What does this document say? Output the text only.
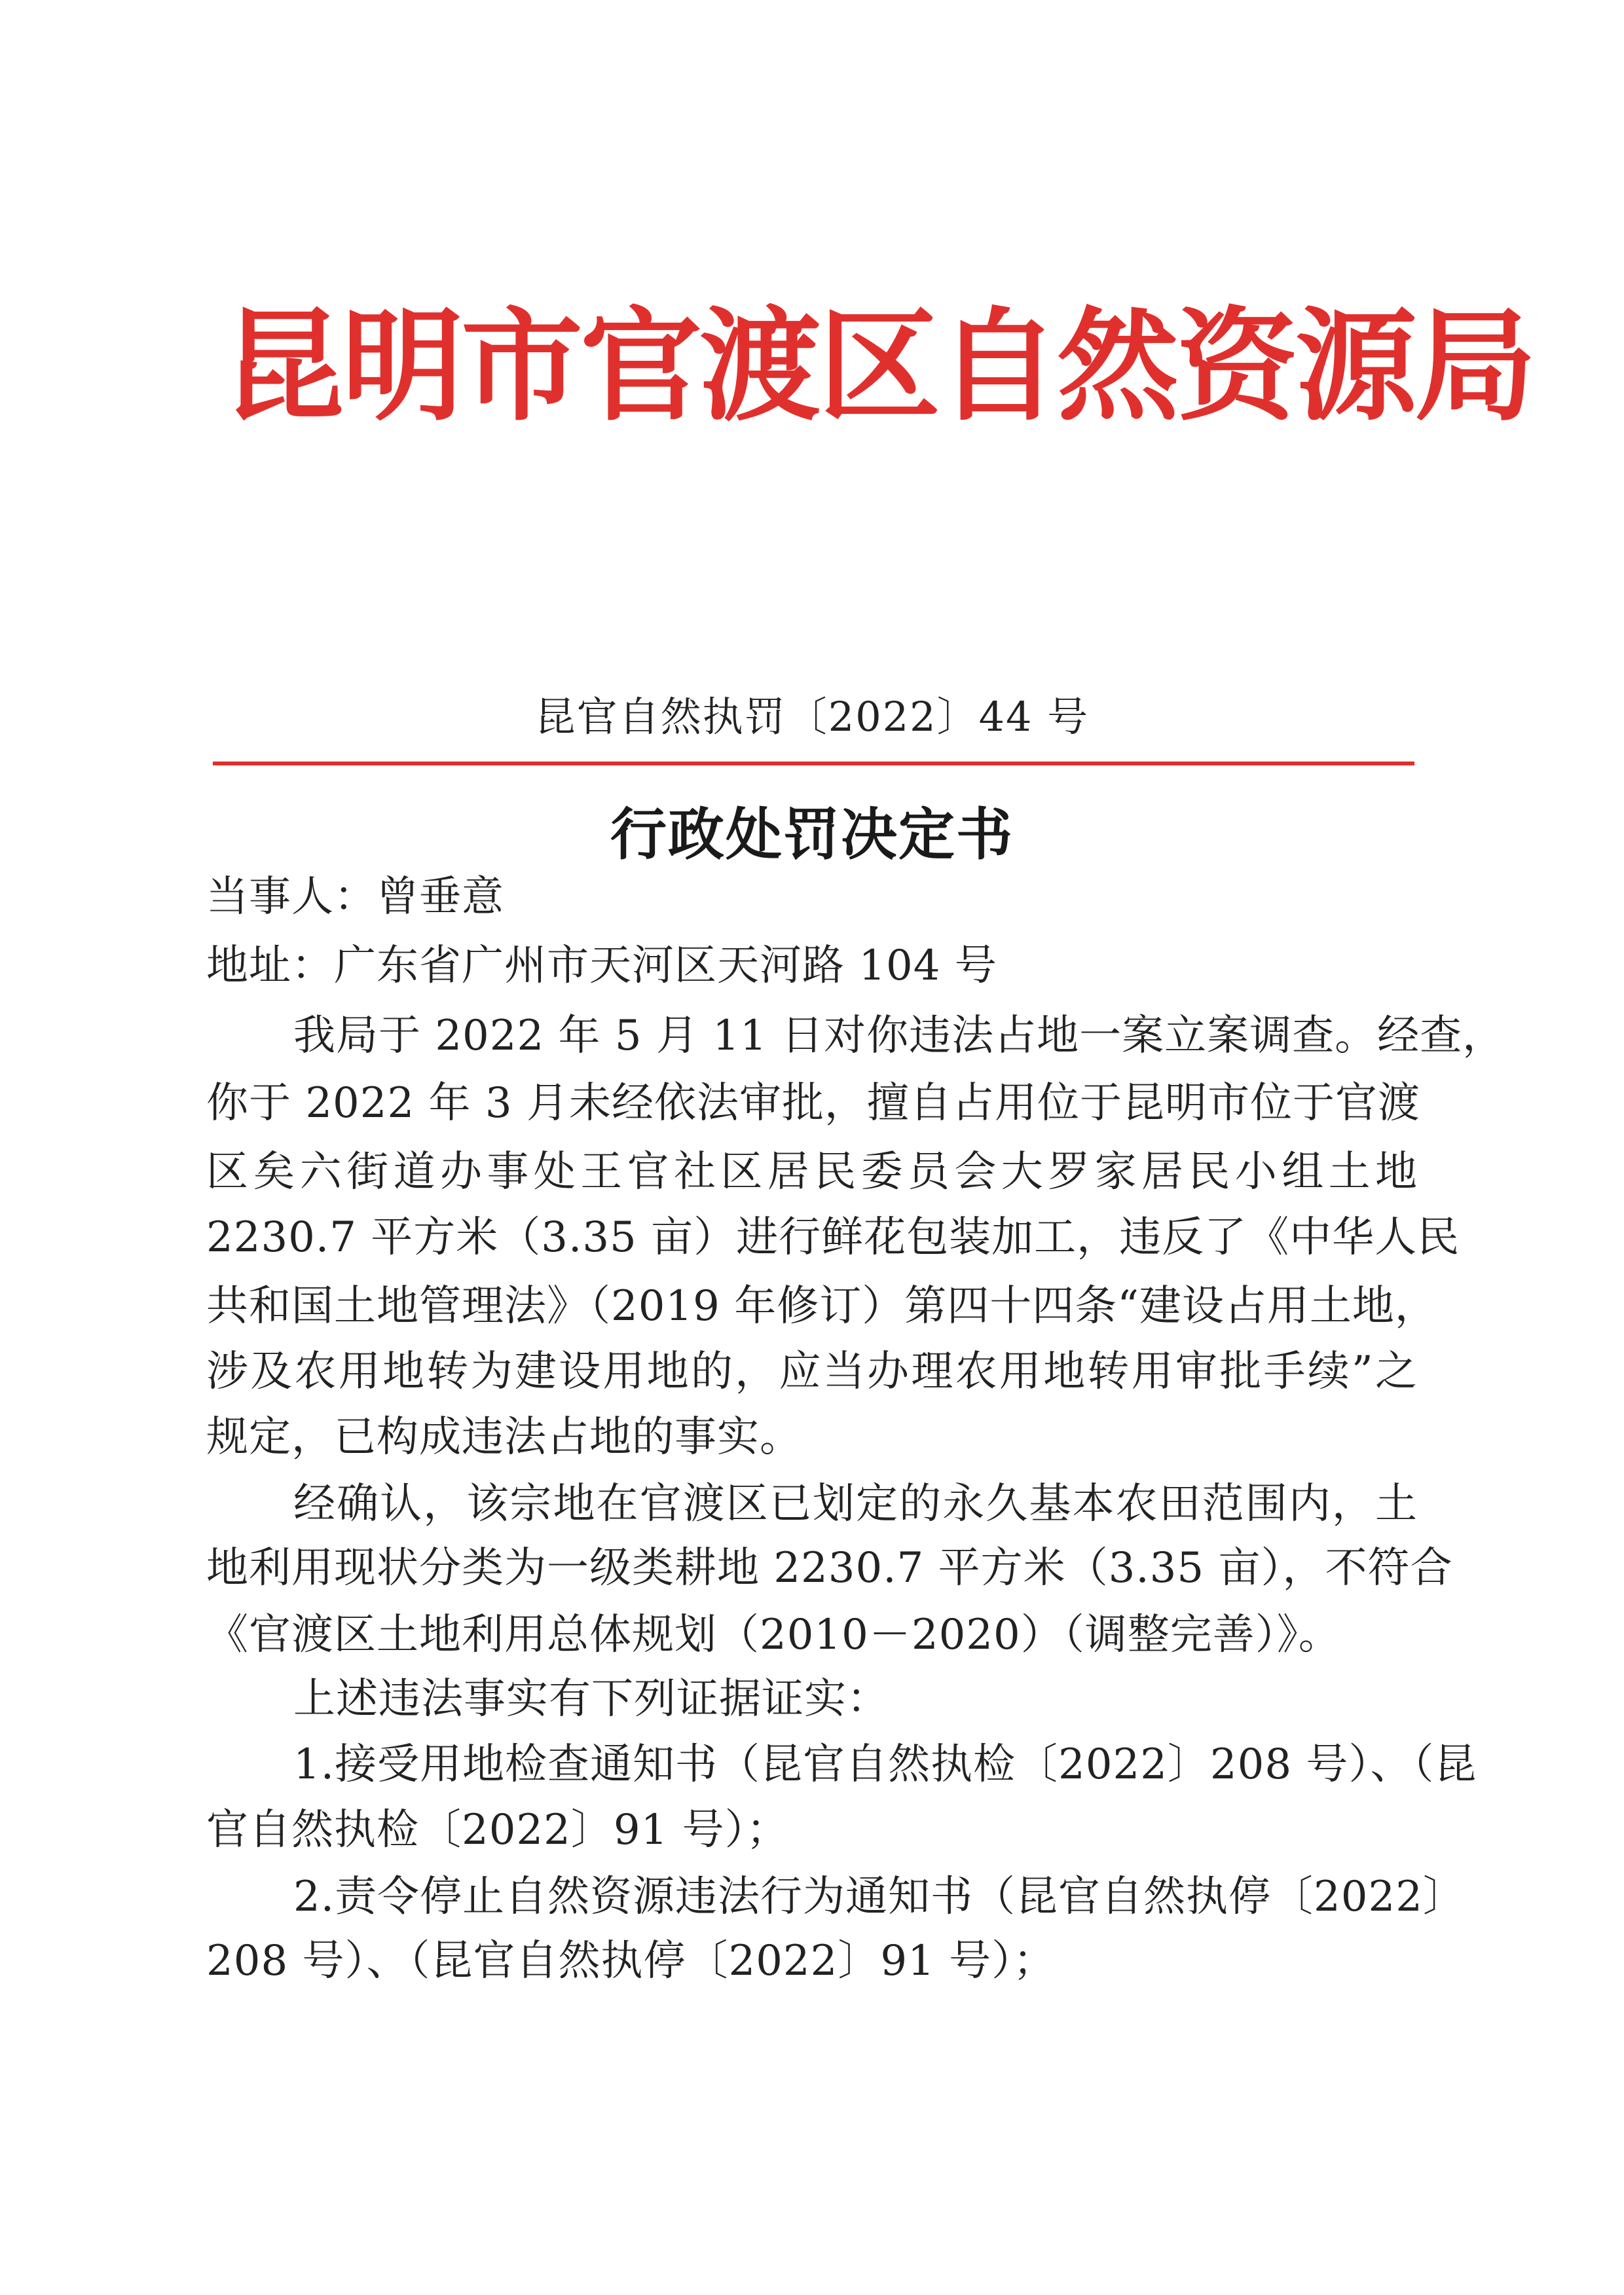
昆明市官渡区自然资源局
昆官自然执罚〔2022〕44 号
行政处罚决定书
当事人：曾垂意
地址：广东省广州市天河区天河路 104 号
我局于 2022 年 5 月 11 日对你违法占地一案立案调查。经查，
你于 2022 年 3 月未经依法审批，擅自占用位于昆明市位于官渡
区矣六街道办事处王官社区居民委员会大罗家居民小组土地
2230.7 平方米（3.35 亩）进行鲜花包装加工，违反了《中华人民
共和国土地管理法》（2019 年修订）第四十四条“建设占用土地，
涉及农用地转为建设用地的，应当办理农用地转用审批手续”之
规定，已构成违法占地的事实。
经确认，该宗地在官渡区已划定的永久基本农田范围内，土
地利用现状分类为一级类耕地 2230.7 平方米（3.35 亩），不符合
《官渡区土地利用总体规划（2010－2020）（调整完善）》。
上述违法事实有下列证据证实：
1.接受用地检查通知书（昆官自然执检〔2022〕208 号）、（昆
官自然执检〔2022〕91 号）；
2.责令停止自然资源违法行为通知书（昆官自然执停〔2022〕
208 号）、（昆官自然执停〔2022〕91 号）；
